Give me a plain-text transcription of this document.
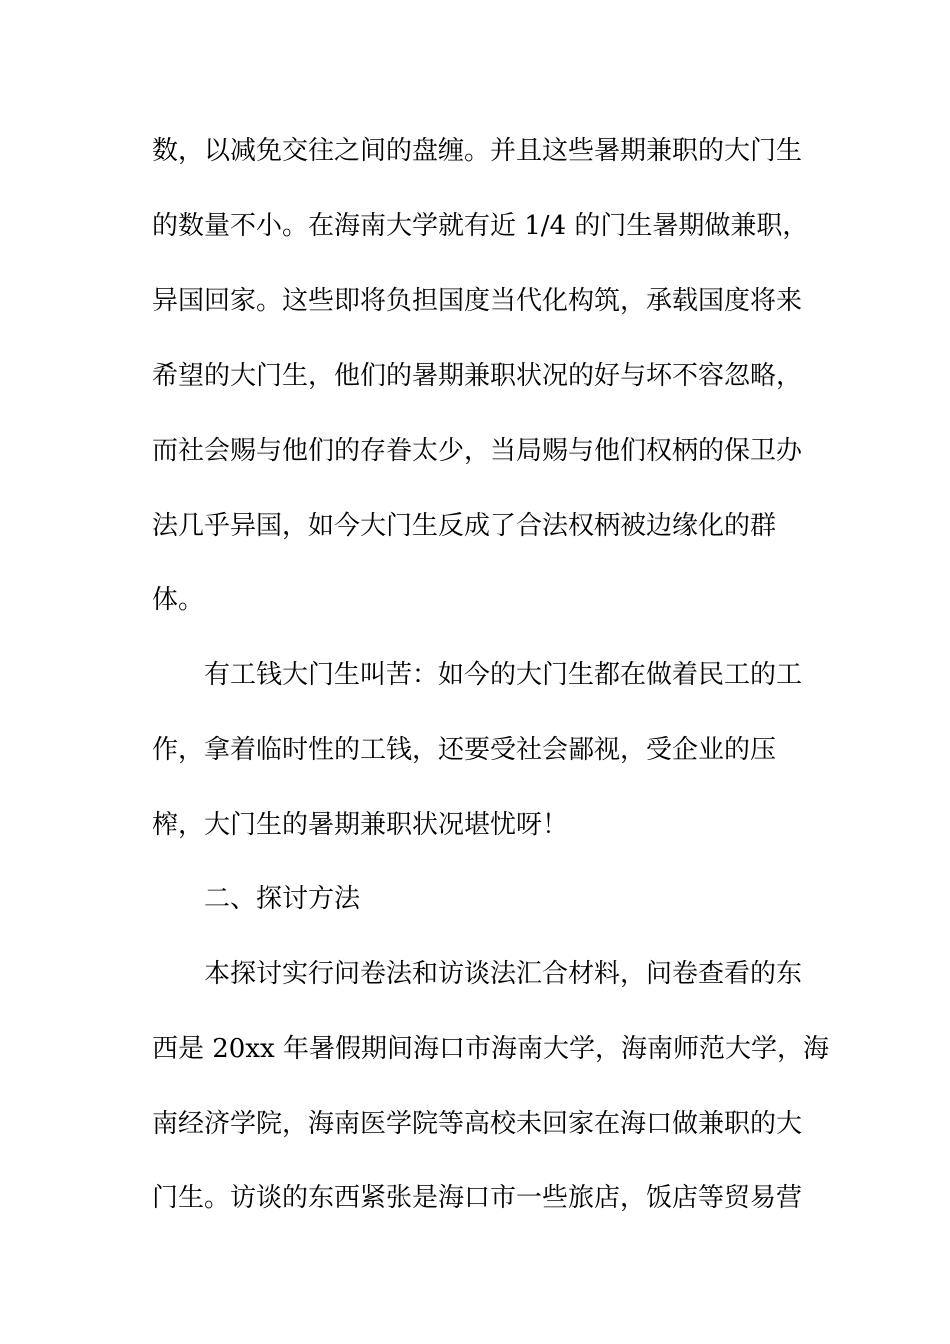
数，以减免交往之间的盘缠。并且这些暑期兼职的大门生
的数量不小。在海南大学就有近 1/4 的门生暑期做兼职，
异国回家。这些即将负担国度当代化构筑，承载国度将来
希望的大门生，他们的暑期兼职状况的好与坏不容忽略，
而社会赐与他们的存眷太少，当局赐与他们权柄的保卫办
法几乎异国，如今大门生反成了合法权柄被边缘化的群
体。
有工钱大门生叫苦：如今的大门生都在做着民工的工
作，拿着临时性的工钱，还要受社会鄙视，受企业的压
榨，大门生的暑期兼职状况堪忧呀！
二、探讨方法
本探讨实行问卷法和访谈法汇合材料，问卷查看的东
西是 20xx 年暑假期间海口市海南大学，海南师范大学，海
南经济学院，海南医学院等高校未回家在海口做兼职的大
门生。访谈的东西紧张是海口市一些旅店，饭店等贸易营
